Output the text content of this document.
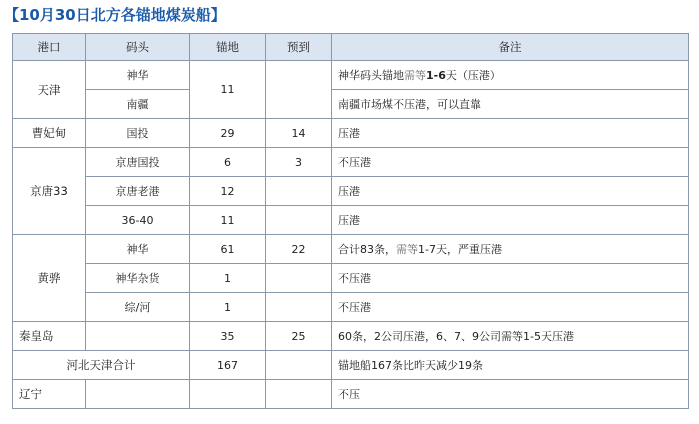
【10月30日北方各锚地煤炭船】
港口	码头	锚地	预到	备注
天津	神华	11		神华码头锚地需等1-6天（压港）
	南疆			南疆市场煤不压港，可以直靠
曹妃甸	国投	29	14	压港
京唐33	京唐国投	6	3	不压港
	京唐老港	12		压港
	36-40	11		压港
黄骅	神华	61	22	合计83条，需等1-7天，严重压港
	神华杂货	1		不压港
	综/河	1		不压港
秦皇岛		35	25	60条，2公司压港，6、7、9公司需等1-5天压港
河北天津合计		167		锚地船167条比昨天减少19条
辽宁				不压
